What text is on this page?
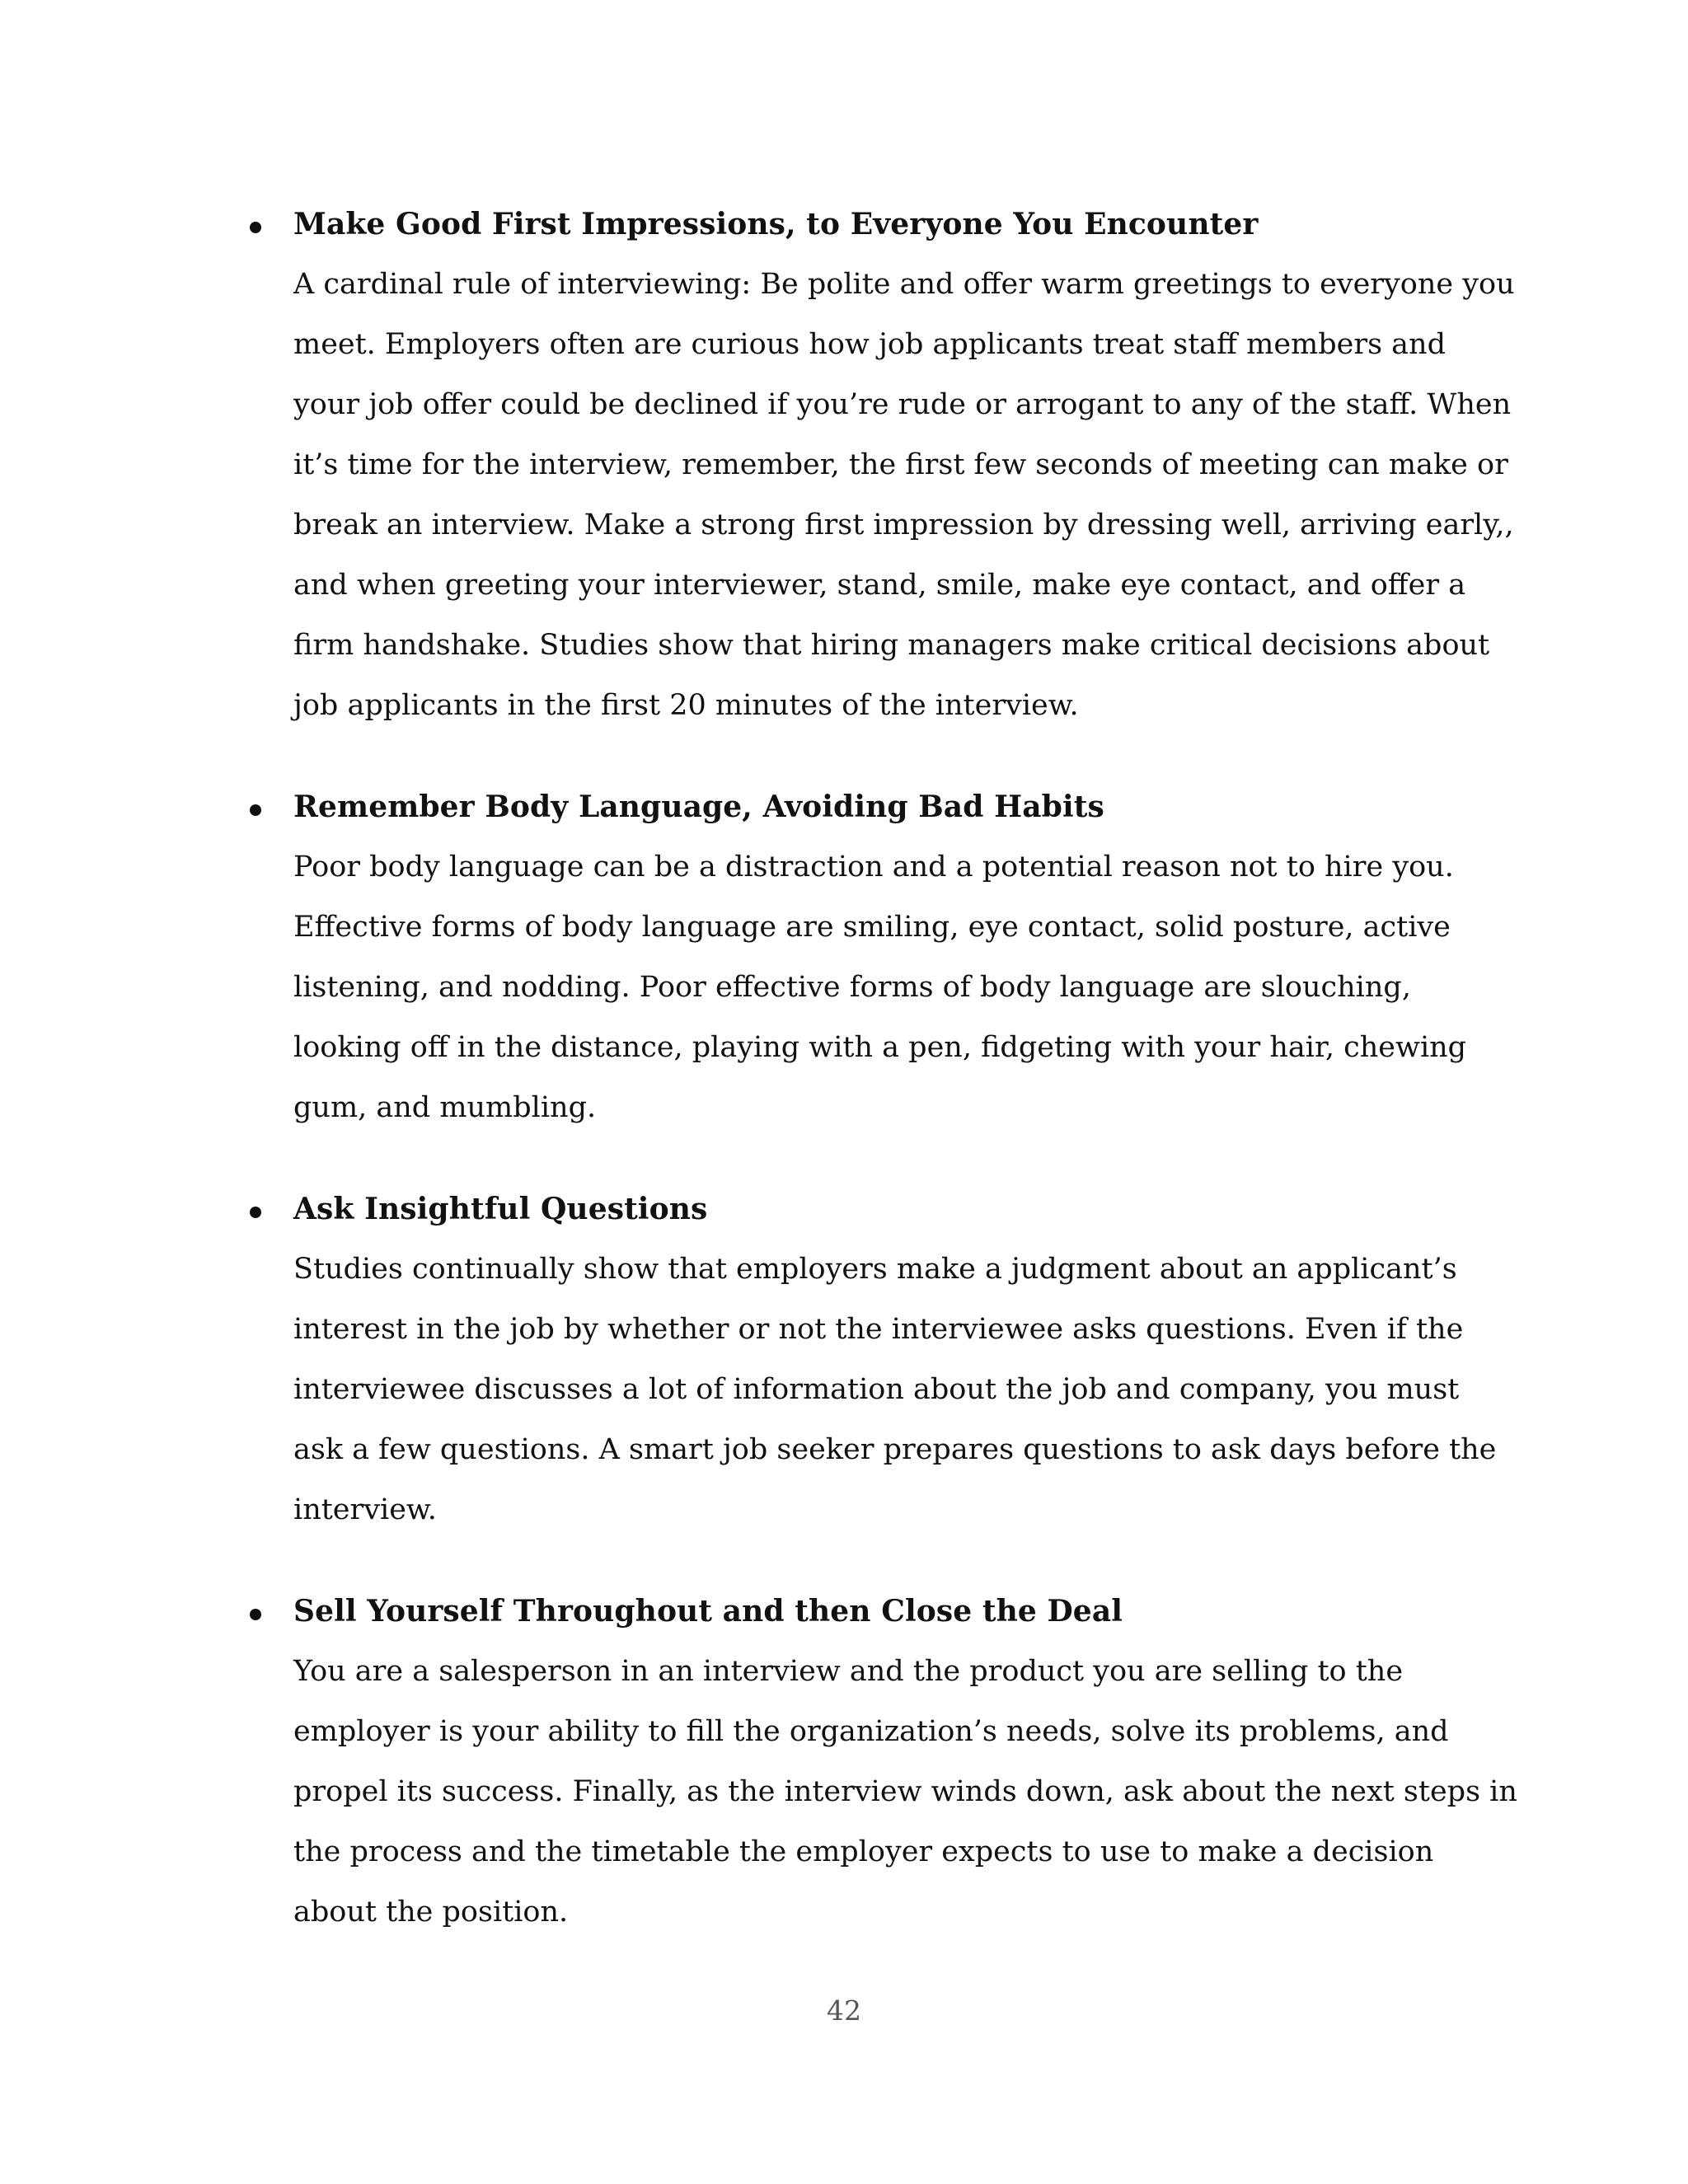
Make Good First Impressions, to Everyone You Encounter

A cardinal rule of interviewing: Be polite and offer warm greetings to everyone you

meet. Employers often are curious how job applicants treat staff members and

your job offer could be declined if you’re rude or arrogant to any of the staff. When

it’s time for the interview, remember, the first few seconds of meeting can make or

break an interview. Make a strong first impression by dressing well, arriving early,,

and when greeting your interviewer, stand, smile, make eye contact, and offer a

firm handshake. Studies show that hiring managers make critical decisions about

job applicants in the first 20 minutes of the interview.

Remember Body Language, Avoiding Bad Habits

Poor body language can be a distraction and a potential reason not to hire you.

Effective forms of body language are smiling, eye contact, solid posture, active

listening, and nodding. Poor effective forms of body language are slouching,

looking off in the distance, playing with a pen, fidgeting with your hair, chewing

gum, and mumbling.

Ask Insightful Questions

Studies continually show that employers make a judgment about an applicant’s

interest in the job by whether or not the interviewee asks questions. Even if the

interviewee discusses a lot of information about the job and company, you must

ask a few questions. A smart job seeker prepares questions to ask days before the

interview.

Sell Yourself Throughout and then Close the Deal

You are a salesperson in an interview and the product you are selling to the

employer is your ability to fill the organization’s needs, solve its problems, and

propel its success. Finally, as the interview winds down, ask about the next steps in

the process and the timetable the employer expects to use to make a decision

about the position.

42
